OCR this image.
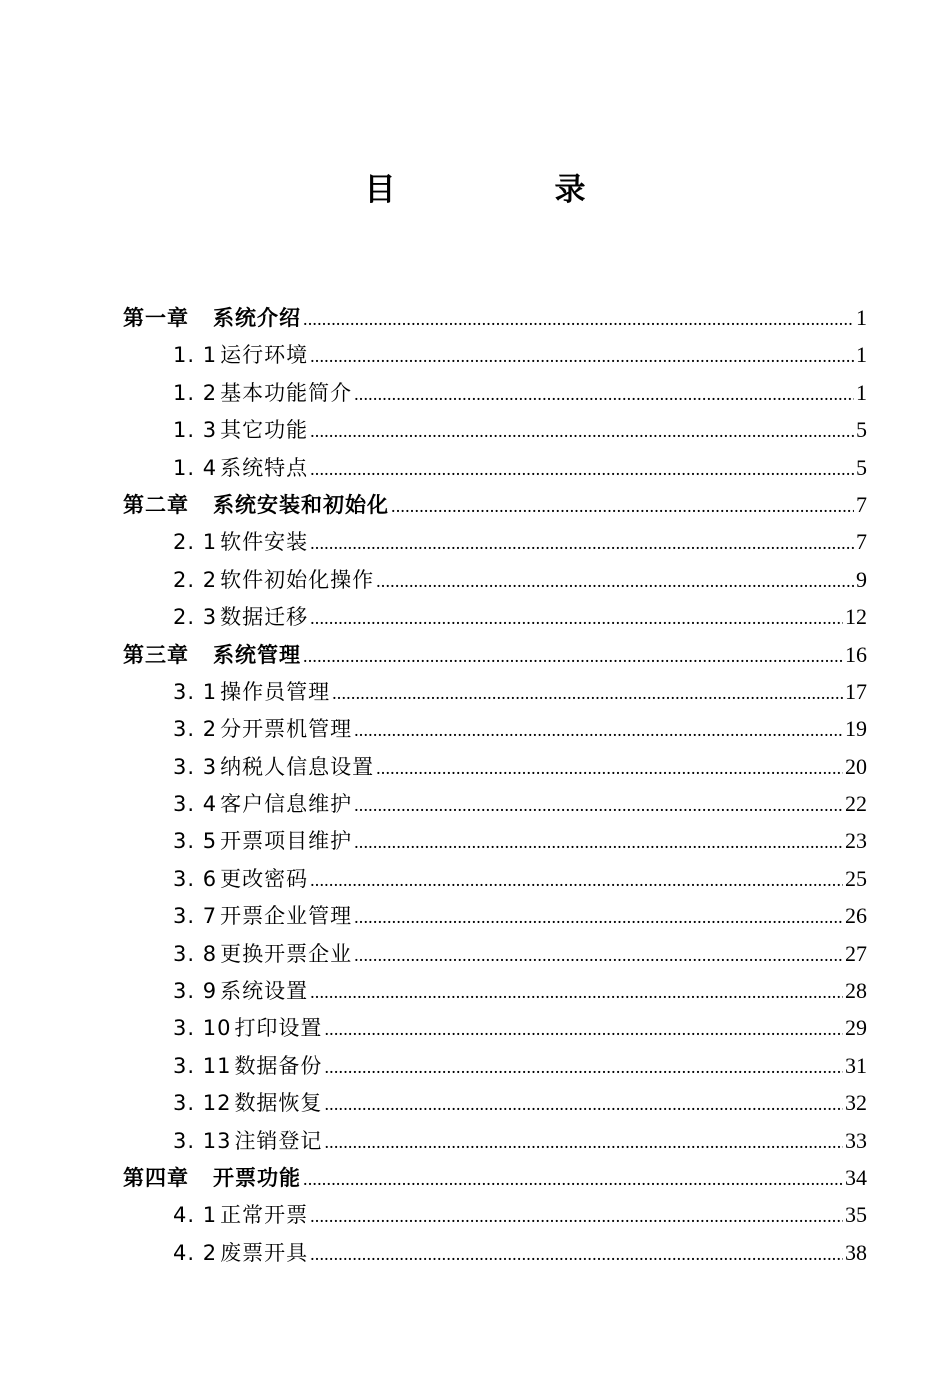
目　录
第一章 系统介绍 .....	1
1. 1 运行环境 .....	1
1. 2 基本功能简介 .....	1
1. 3 其它功能 .....	5
1. 4 系统特点 .....	5
第二章 系统安装和初始化 .....	7
2. 1 软件安装 .....	7
2. 2 软件初始化操作 .....	9
2. 3 数据迁移 .....	12
第三章 系统管理 .....	16
3. 1 操作员管理 .....	17
3. 2 分开票机管理 .....	19
3. 3 纳税人信息设置 .....	20
3. 4 客户信息维护 .....	22
3. 5 开票项目维护 .....	23
3. 6 更改密码 .....	25
3. 7 开票企业管理 .....	26
3. 8 更换开票企业 .....	27
3. 9 系统设置 .....	28
3. 10 打印设置 .....	29
3. 11 数据备份 .....	31
3. 12 数据恢复 .....	32
3. 13 注销登记 .....	33
第四章 开票功能 .....	34
4. 1 正常开票 .....	35
4. 2 废票开具 .....	38
